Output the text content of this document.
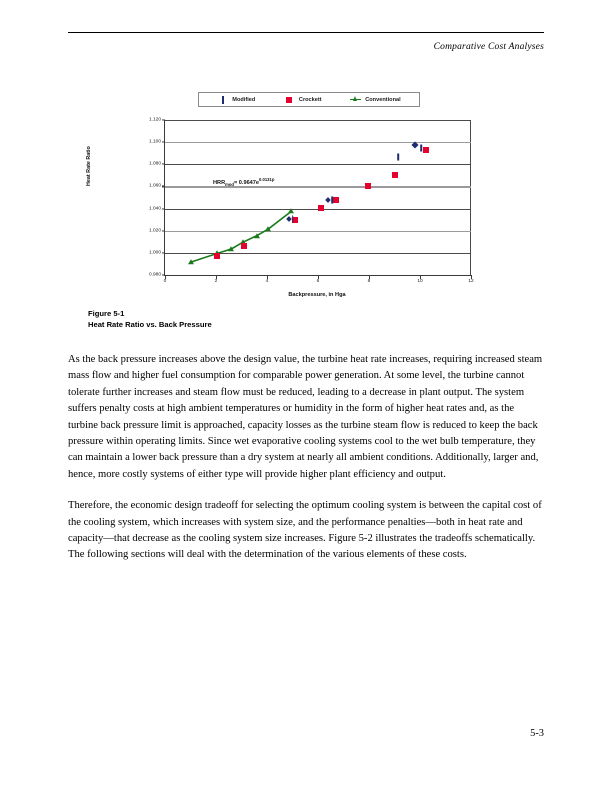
Comparative Cost Analyses
Modified	Crockett	Conventional
Heat Rate Ratio	$HRR_{mod}= 0.9647e^{0.0131p}$
0.980
1.000
1.020
1.040
1.060
1.080
1.100
1.120
0	2	4	6	8	10	12
Backpressure, in Hga
Figure 5-1
Heat Rate Ratio vs. Back Pressure

As the back pressure increases above the design value, the turbine heat rate increases, requiring increased steam mass flow and higher fuel consumption for comparable power generation. At some level, the turbine cannot tolerate further increases and steam flow must be reduced, leading to a decrease in plant output. The system suffers penalty costs at high ambient temperatures or humidity in the form of higher heat rates and, as the turbine back pressure limit is approached, capacity losses as the turbine steam flow is reduced to keep the back pressure within operating limits. Since wet evaporative cooling systems cool to the wet bulb temperature, they can maintain a lower back pressure than a dry system at nearly all ambient conditions. Additionally, larger and, hence, more costly systems of either type will provide higher plant efficiency and output.

Therefore, the economic design tradeoff for selecting the optimum cooling system is between the capital cost of the cooling system, which increases with system size, and the performance penalties—both in heat rate and capacity—that decrease as the cooling system size increases. Figure 5-2 illustrates the tradeoffs schematically. The following sections will deal with the determination of the various elements of these costs.

5-3
